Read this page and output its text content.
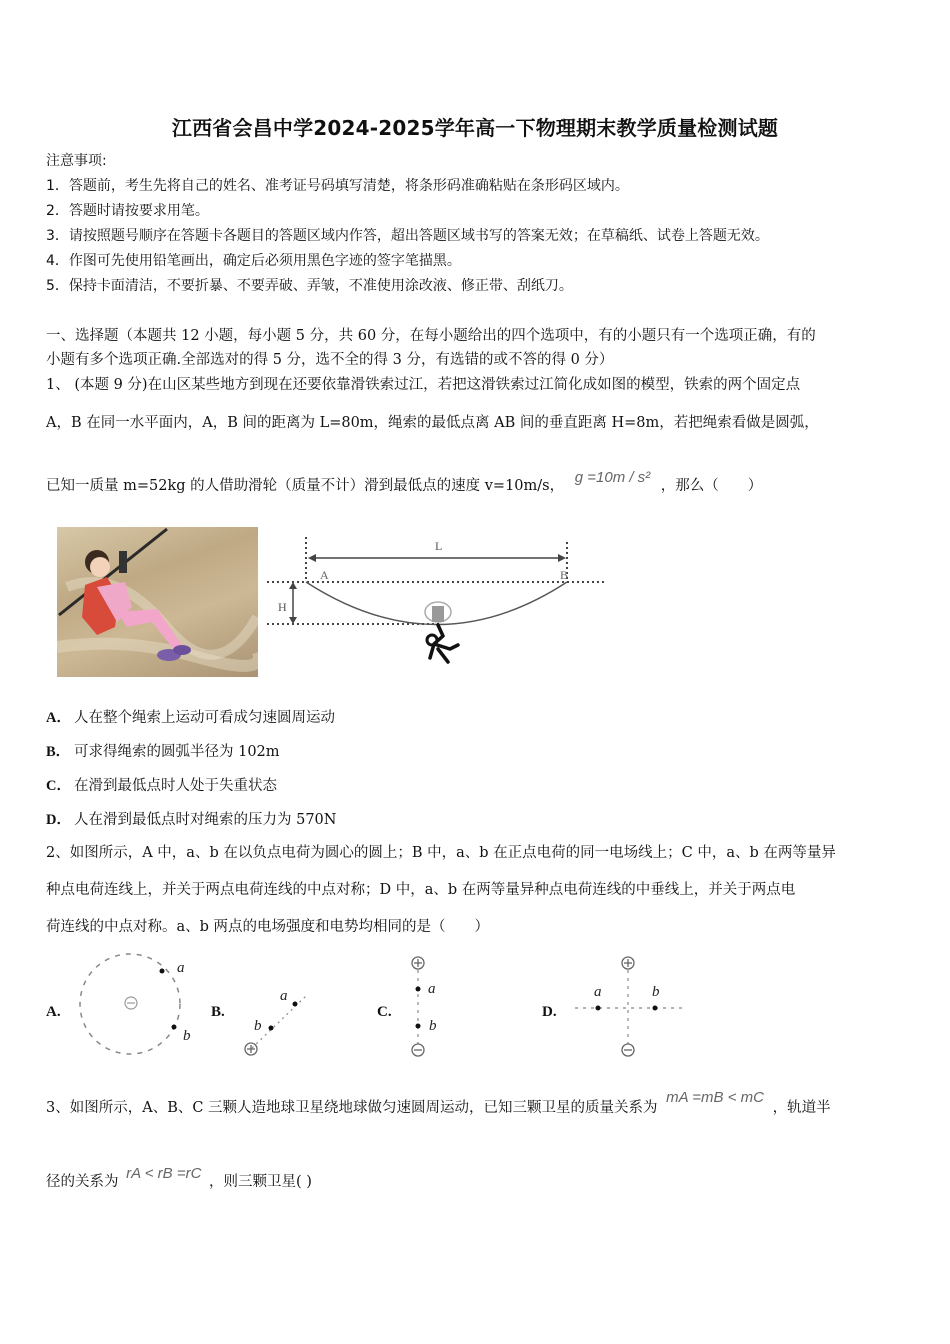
江西省会昌中学2024-2025学年高一下物理期末教学质量检测试题
注意事项:
1．答题前，考生先将自己的姓名、准考证号码填写清楚，将条形码准确粘贴在条形码区域内。
2．答题时请按要求用笔。
3．请按照题号顺序在答题卡各题目的答题区域内作答，超出答题区域书写的答案无效；在草稿纸、试卷上答题无效。
4．作图可先使用铅笔画出，确定后必须用黑色字迹的签字笔描黑。
5．保持卡面清洁，不要折暴、不要弄破、弄皱，不准使用涂改液、修正带、刮纸刀。
一、选择题（本题共 12 小题，每小题 5 分，共 60 分，在每小题给出的四个选项中，有的小题只有一个选项正确，有的
小题有多个选项正确.全部选对的得 5 分，选不全的得 3 分，有选错的或不答的得 0 分）
1、 (本题 9 分)在山区某些地方到现在还要依靠滑铁索过江，若把这滑铁索过江简化成如图的模型，铁索的两个固定点
A，B 在同一水平面内，A，B 间的距离为 L=80m，绳索的最低点离 AB 间的垂直距离 H=8m，若把绳索看做是圆弧，
已知一质量 m=52kg 的人借助滑轮（质量不计）滑到最低点的速度 v=10m/s， g =10m / s² ，那么（　　）
L
A	B
H
A． 人在整个绳索上运动可看成匀速圆周运动
B． 可求得绳索的圆弧半径为 102m
C． 在滑到最低点时人处于失重状态
D． 人在滑到最低点时对绳索的压力为 570N
2、如图所示，A 中，a、b 在以负点电荷为圆心的圆上；B 中，a、b 在正点电荷的同一电场线上；C 中，a、b 在两等量异
种点电荷连线上，并关于两点电荷连线的中点对称；D 中，a、b 在两等量异种点电荷连线的中垂线上，并关于两点电
荷连线的中点对称。a、b 两点的电场强度和电势均相同的是（　　）
A.
a
b
B.
a
b
C.
a
b
D.
a	b
3、如图所示，A、B、C 三颗人造地球卫星绕地球做匀速圆周运动，已知三颗卫星的质量关系为 mA =mB < mC ，轨道半
径的关系为 rA < rB =rC ，则三颗卫星( )
